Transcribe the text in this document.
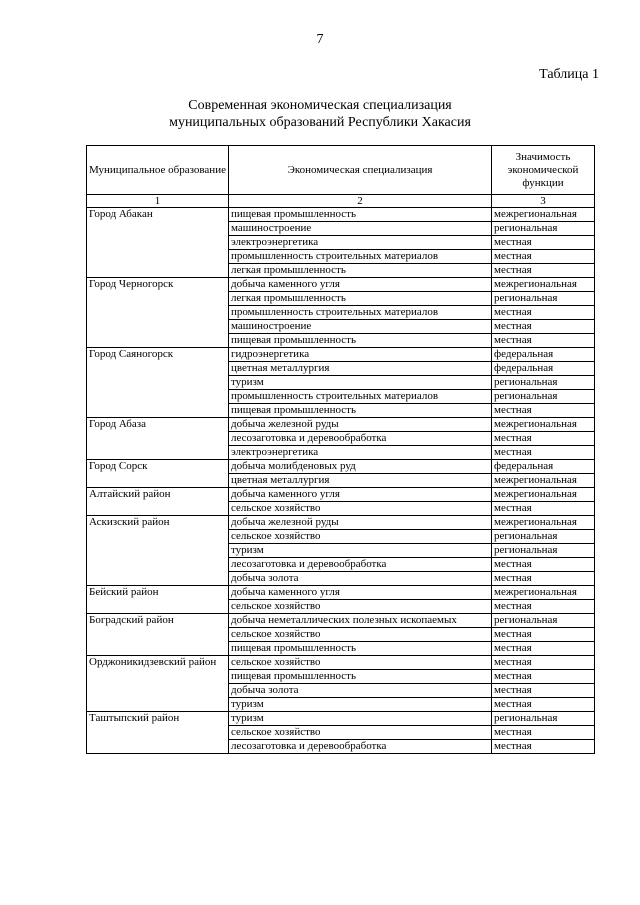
7
Таблица 1
Современная экономическая специализация
муниципальных образований Республики Хакасия
Муниципальное образование	Экономическая специализация	Значимость экономической функции
1	2	3
Город Абакан	пищевая промышленность	межрегиональная
	машиностроение	региональная
	электроэнергетика	местная
	промышленность строительных материалов	местная
	легкая промышленность	местная
Город Черногорск	добыча каменного угля	межрегиональная
	легкая промышленность	региональная
	промышленность строительных материалов	местная
	машиностроение	местная
	пищевая промышленность	местная
Город Саяногорск	гидроэнергетика	федеральная
	цветная металлургия	федеральная
	туризм	региональная
	промышленность строительных материалов	региональная
	пищевая промышленность	местная
Город Абаза	добыча железной руды	межрегиональная
	лесозаготовка и деревообработка	местная
	электроэнергетика	местная
Город Сорск	добыча молибденовых руд	федеральная
	цветная металлургия	межрегиональная
Алтайский район	добыча каменного угля	межрегиональная
	сельское хозяйство	местная
Аскизский район	добыча железной руды	межрегиональная
	сельское хозяйство	региональная
	туризм	региональная
	лесозаготовка и деревообработка	местная
	добыча золота	местная
Бейский район	добыча каменного угля	межрегиональная
	сельское хозяйство	местная
Боградский район	добыча неметаллических полезных ископаемых	региональная
	сельское хозяйство	местная
	пищевая промышленность	местная
Орджоникидзевский район	сельское хозяйство	местная
	пищевая промышленность	местная
	добыча золота	местная
	туризм	местная
Таштыпский район	туризм	региональная
	сельское хозяйство	местная
	лесозаготовка и деревообработка	местная
